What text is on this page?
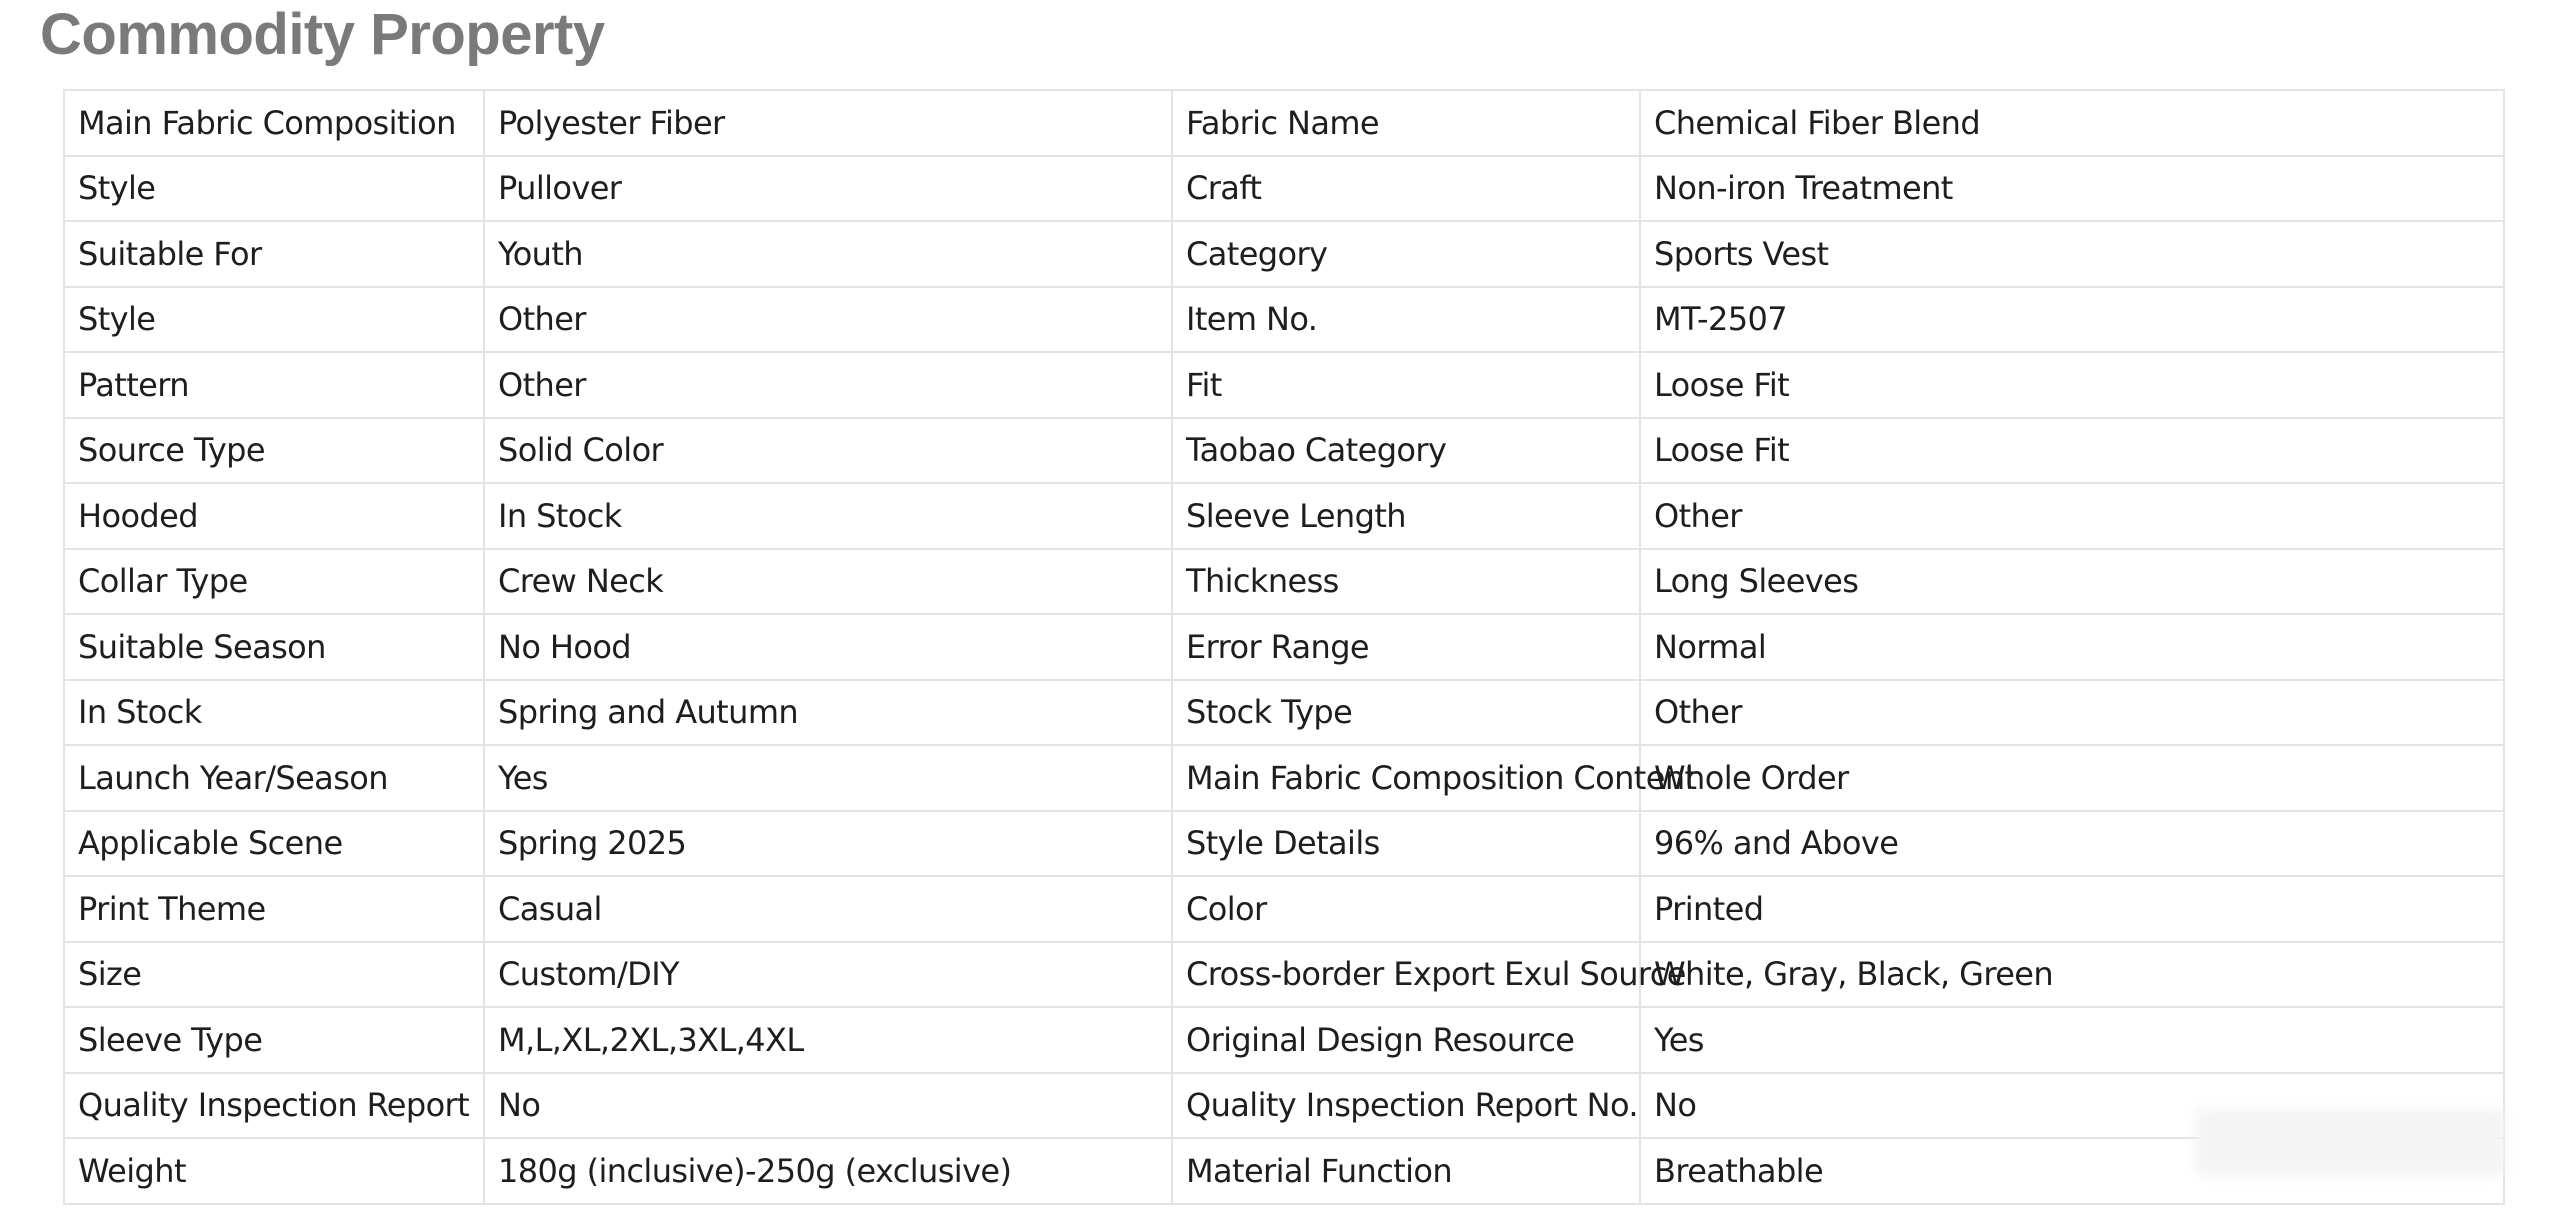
Commodity Property
Main Fabric Composition	Polyester Fiber	Fabric Name	Chemical Fiber Blend
Style	Pullover	Craft	Non-iron Treatment
Suitable For	Youth	Category	Sports Vest
Style	Other	Item No.	MT-2507
Pattern	Other	Fit	Loose Fit
Source Type	Solid Color	Taobao Category	Loose Fit
Hooded	In Stock	Sleeve Length	Other
Collar Type	Crew Neck	Thickness	Long Sleeves
Suitable Season	No Hood	Error Range	Normal
In Stock	Spring and Autumn	Stock Type	Other
Launch Year/Season	Yes	Main Fabric Composition Content	Whole Order
Applicable Scene	Spring 2025	Style Details	96% and Above
Print Theme	Casual	Color	Printed
Size	Custom/DIY	Cross-border Export Exul Source	White, Gray, Black, Green
Sleeve Type	M,L,XL,2XL,3XL,4XL	Original Design Resource	Yes
Quality Inspection Report	No	Quality Inspection Report No.	No
Weight	180g (inclusive)-250g (exclusive)	Material Function	Breathable
